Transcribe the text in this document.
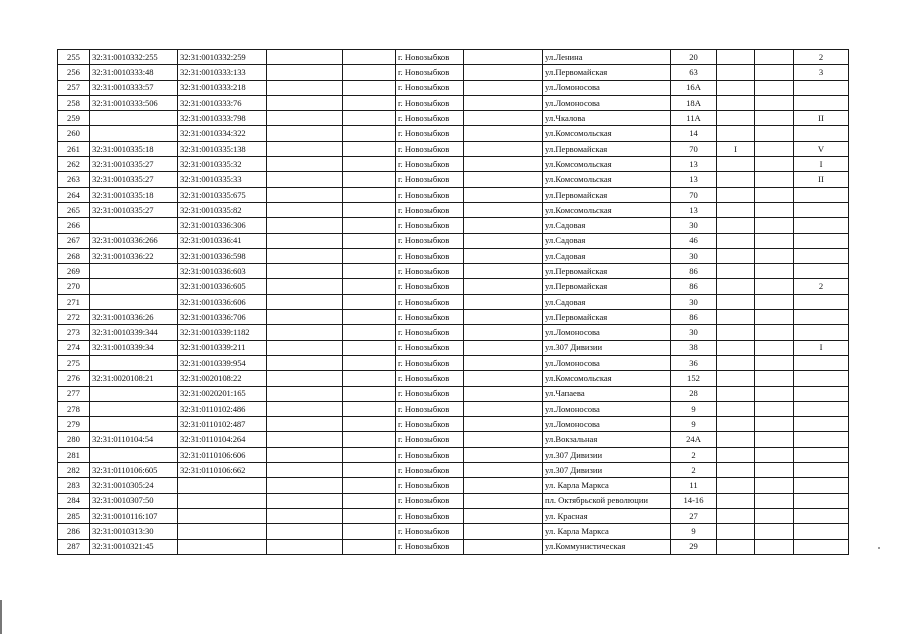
255	32:31:0010332:255	32:31:0010332:259			г. Новозыбков		ул.Ленина	20			2
256	32:31:0010333:48	32:31:0010333:133			г. Новозыбков		ул.Первомайская	63			3
257	32:31:0010333:57	32:31:0010333:218			г. Новозыбков		ул.Ломоносова	16А			
258	32:31:0010333:506	32:31:0010333:76			г. Новозыбков		ул.Ломоносова	18А			
259		32:31:0010333:798			г. Новозыбков		ул.Чкалова	11А			II
260		32:31:0010334:322			г. Новозыбков		ул.Комсомольская	14			
261	32:31:0010335:18	32:31:0010335:138			г. Новозыбков		ул.Первомайская	70	I		V
262	32:31:0010335:27	32:31:0010335:32			г. Новозыбков		ул.Комсомольская	13			I
263	32:31:0010335:27	32:31:0010335:33			г. Новозыбков		ул.Комсомольская	13			II
264	32:31:0010335:18	32:31:0010335:675			г. Новозыбков		ул.Первомайская	70			
265	32:31:0010335:27	32:31:0010335:82			г. Новозыбков		ул.Комсомольская	13			
266		32:31:0010336:306			г. Новозыбков		ул.Садовая	30			
267	32:31:0010336:266	32:31:0010336:41			г. Новозыбков		ул.Садовая	46			
268	32:31:0010336:22	32:31:0010336:598			г. Новозыбков		ул.Садовая	30			
269		32:31:0010336:603			г. Новозыбков		ул.Первомайская	86			
270		32:31:0010336:605			г. Новозыбков		ул.Первомайская	86			2
271		32:31:0010336:606			г. Новозыбков		ул.Садовая	30			
272	32:31:0010336:26	32:31:0010336:706			г. Новозыбков		ул.Первомайская	86			
273	32:31:0010339:344	32:31:0010339:1182			г. Новозыбков		ул.Ломоносова	30			
274	32:31:0010339:34	32:31:0010339:211			г. Новозыбков		ул.307 Дивизии	38			I
275		32:31:0010339:954			г. Новозыбков		ул.Ломоносова	36			
276	32:31:0020108:21	32:31:0020108:22			г. Новозыбков		ул.Комсомольская	152			
277		32:31:0020201:165			г. Новозыбков		ул.Чапаева	28			
278		32:31:0110102:486			г. Новозыбков		ул.Ломоносова	9			
279		32:31:0110102:487			г. Новозыбков		ул.Ломоносова	9			
280	32:31:0110104:54	32:31:0110104:264			г. Новозыбков		ул.Вокзальная	24А			
281		32:31:0110106:606			г. Новозыбков		ул.307 Дивизии	2			
282	32:31:0110106:605	32:31:0110106:662			г. Новозыбков		ул.307 Дивизии	2			
283	32:31:0010305:24				г. Новозыбков		ул. Карла Маркса	11			
284	32:31:0010307:50				г. Новозыбков		пл. Октябрьской революции	14-16			
285	32:31:0010116:107				г. Новозыбков		ул. Красная	27			
286	32:31:0010313:30				г. Новозыбков		ул. Карла Маркса	9			
287	32:31:0010321:45				г. Новозыбков		ул.Коммунистическая	29			
